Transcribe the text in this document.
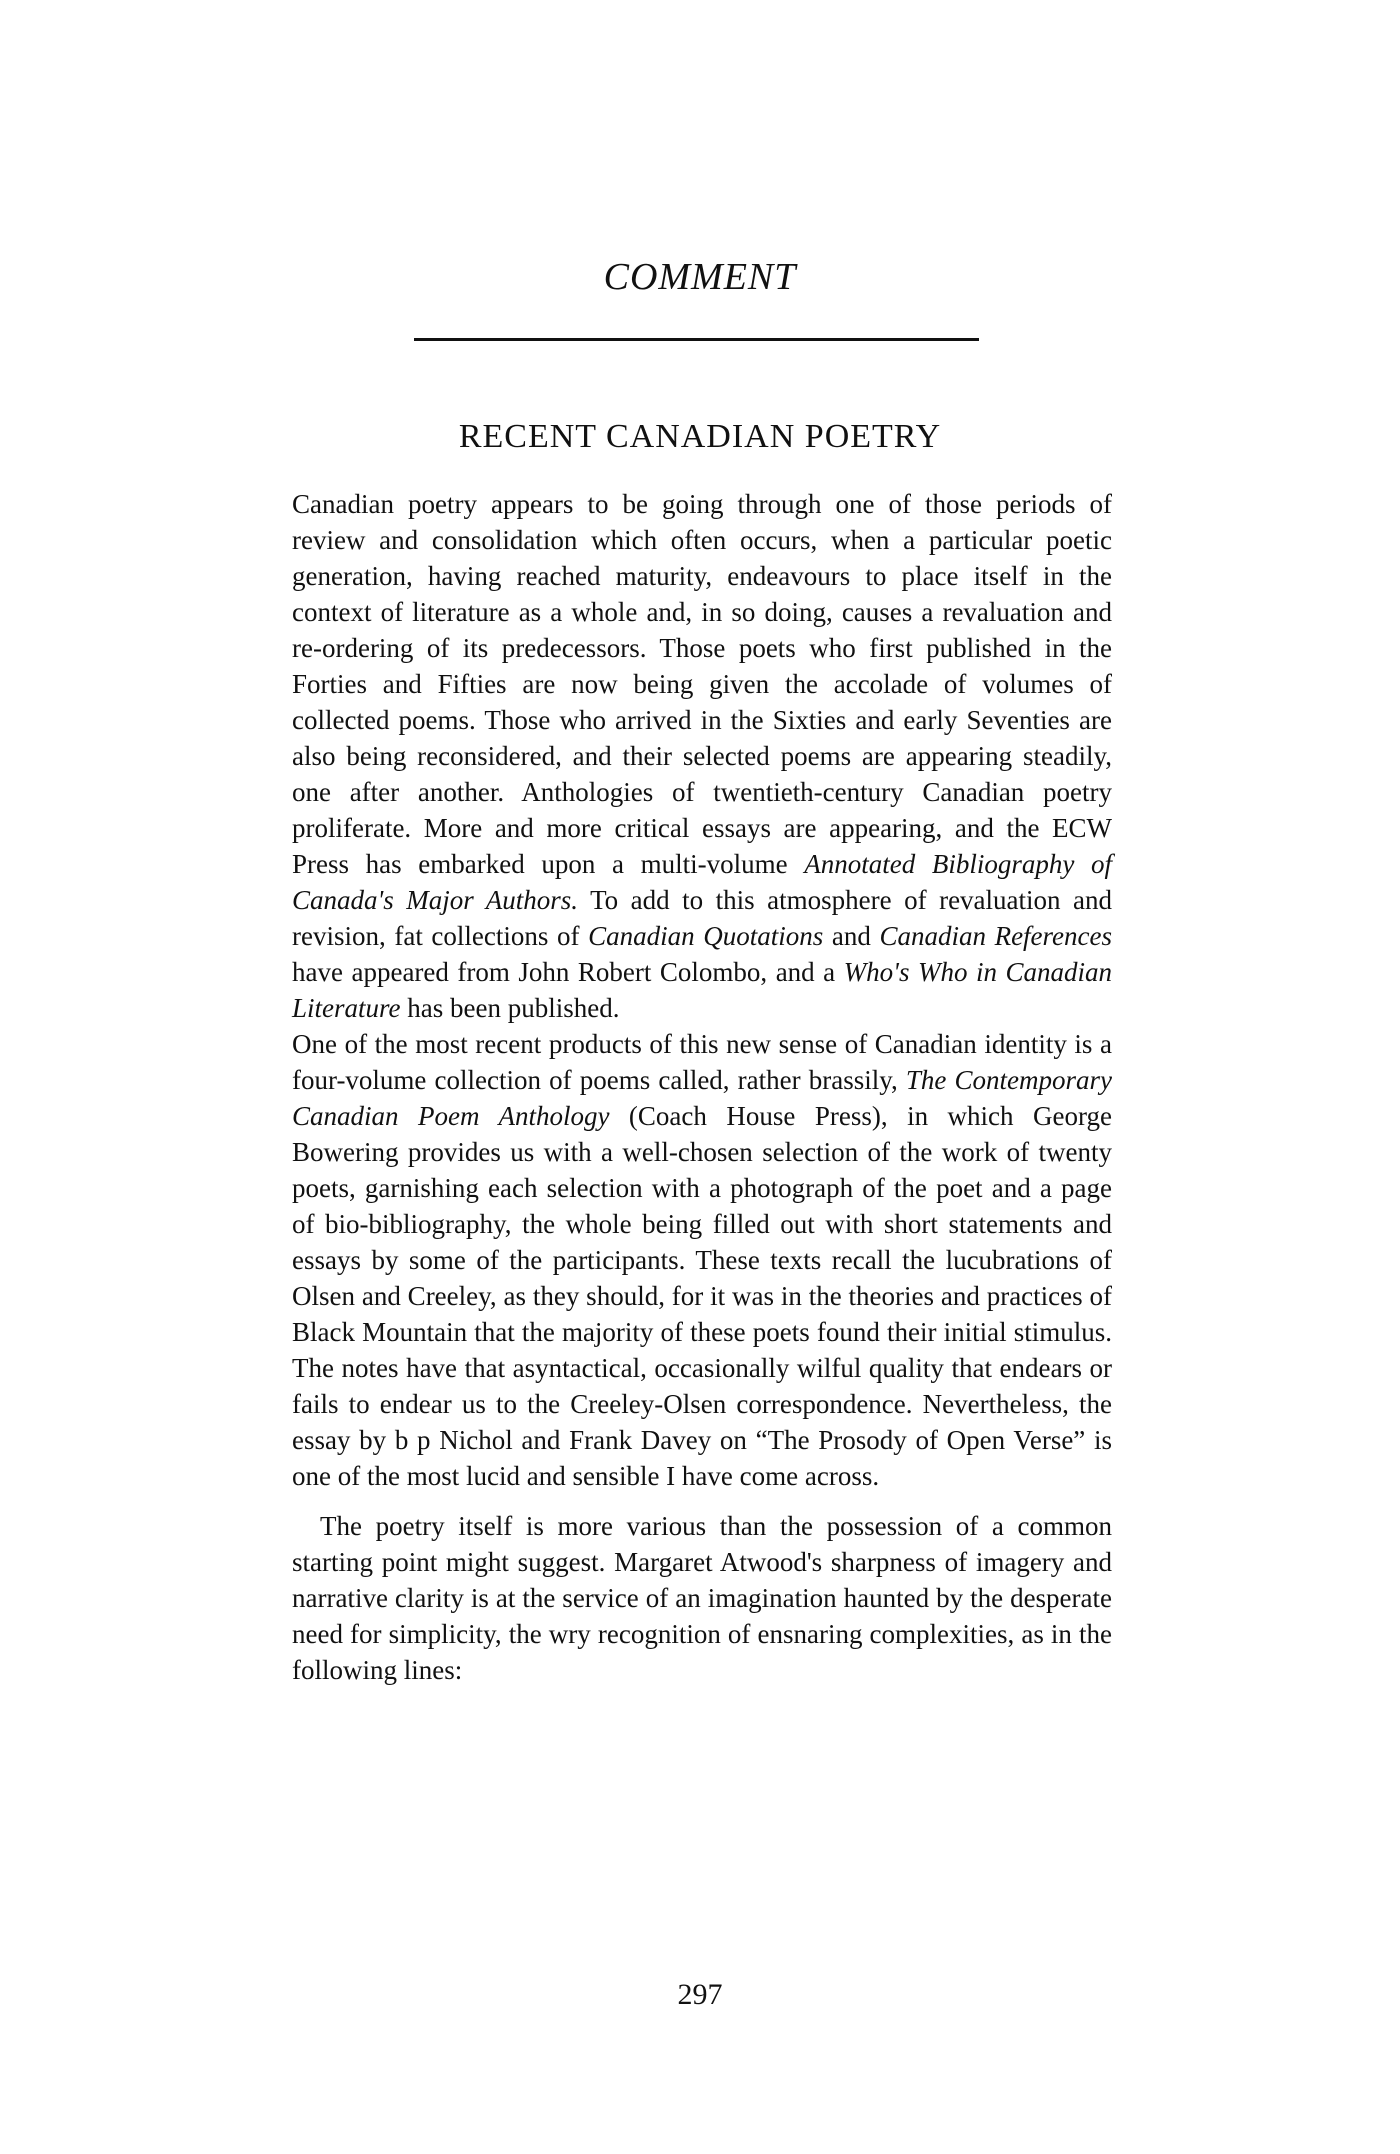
COMMENT
RECENT CANADIAN POETRY

Canadian poetry appears to be going through one of those periods of review and consolidation which often occurs, when a particular poetic generation, having reached maturity, endeavours to place itself in the context of literature as a whole and, in so doing, causes a revaluation and re-ordering of its predecessors. Those poets who first published in the Forties and Fifties are now being given the accolade of volumes of collected poems. Those who arrived in the Sixties and early Seventies are also being reconsidered, and their selected poems are appearing steadily, one after another. Anthologies of twentieth-century Canadian poetry proliferate. More and more critical essays are appearing, and the ECW Press has embarked upon a multi-volume Annotated Bibliography of Canada's Major Authors. To add to this atmosphere of revaluation and revision, fat collections of Canadian Quotations and Canadian References have appeared from John Robert Colombo, and a Who's Who in Canadian Literature has been published.

One of the most recent products of this new sense of Canadian identity is a four-volume collection of poems called, rather brassily, The Contemporary Canadian Poem Anthology (Coach House Press), in which George Bowering provides us with a well-chosen selection of the work of twenty poets, garnishing each selection with a photograph of the poet and a page of bio-bibliography, the whole being filled out with short statements and essays by some of the participants. These texts recall the lucubrations of Olsen and Creeley, as they should, for it was in the theories and practices of Black Mountain that the majority of these poets found their initial stimulus. The notes have that asyntactical, occasionally wilful quality that endears or fails to endear us to the Creeley-Olsen correspondence. Nevertheless, the essay by b p Nichol and Frank Davey on “The Prosody of Open Verse” is one of the most lucid and sensible I have come across.

The poetry itself is more various than the possession of a common starting point might suggest. Margaret Atwood's sharpness of imagery and narrative clarity is at the service of an imagination haunted by the desperate need for simplicity, the wry recognition of ensnaring complexities, as in the following lines:

297
